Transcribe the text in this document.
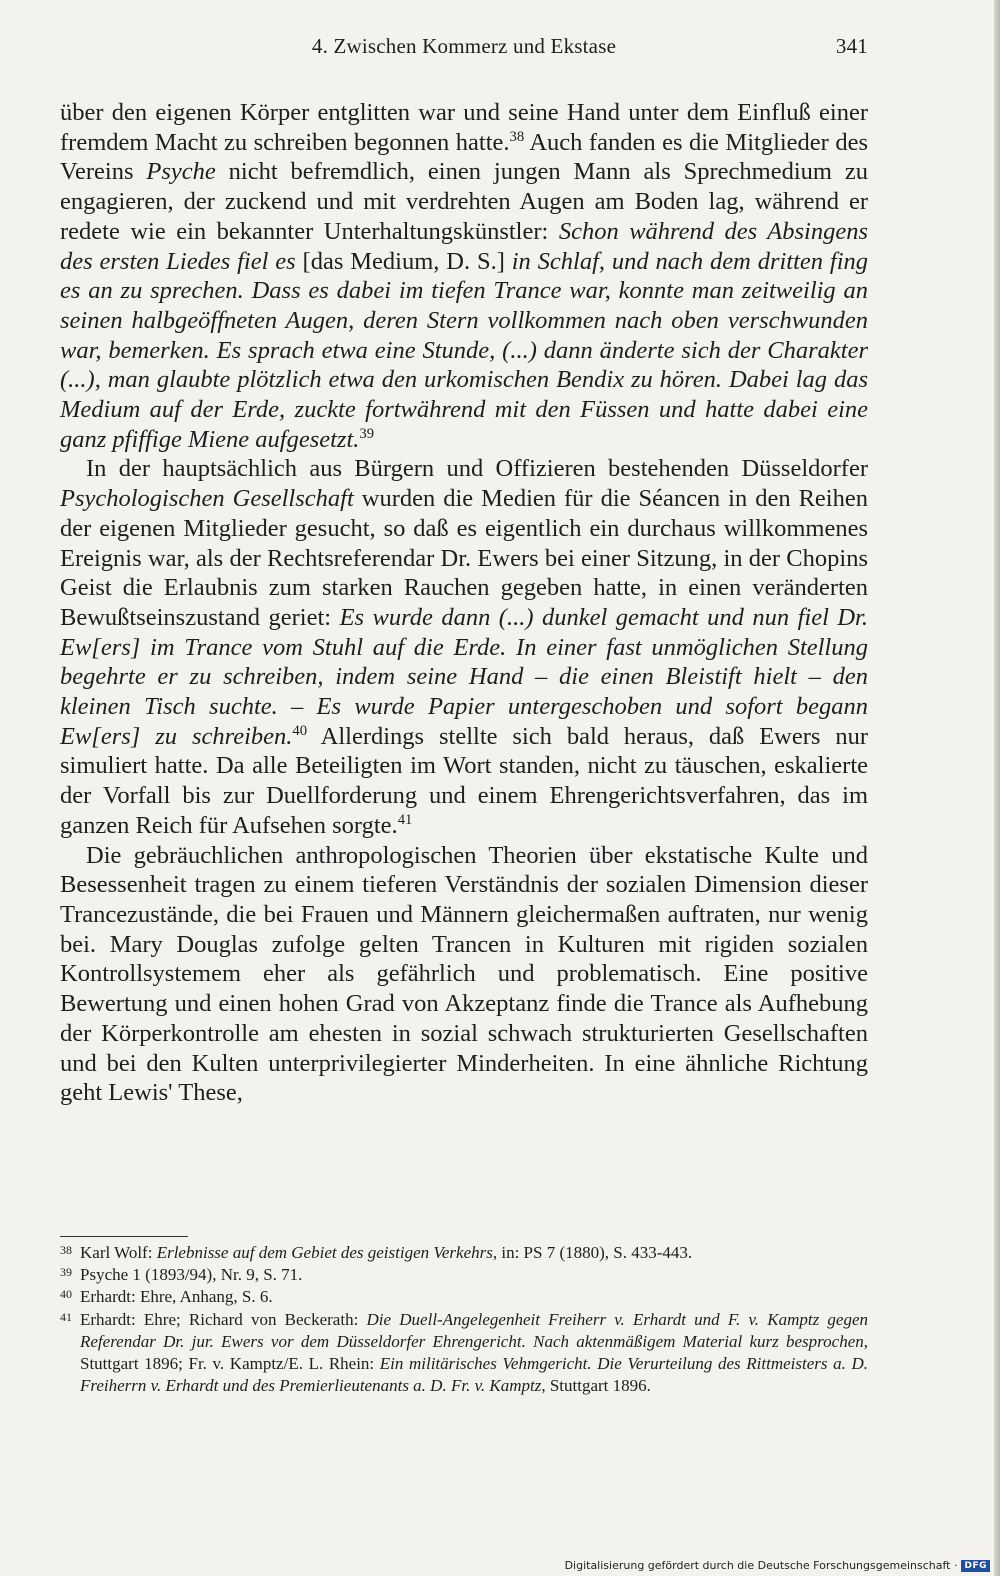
4. Zwischen Kommerz und Ekstase	341

über den eigenen Körper entglitten war und seine Hand unter dem Einfluß einer fremdem Macht zu schreiben begonnen hatte.$^{38}$ Auch fanden es die Mitglieder des Vereins Psyche nicht befremdlich, einen jungen Mann als Sprechmedium zu engagieren, der zuckend und mit verdrehten Augen am Boden lag, während er redete wie ein bekannter Unterhaltungskünstler: Schon während des Absingens des ersten Liedes fiel es [das Medium, D. S.] in Schlaf, und nach dem dritten fing es an zu sprechen. Dass es dabei im tiefen Trance war, konnte man zeitweilig an seinen halbgeöffneten Augen, deren Stern vollkommen nach oben verschwunden war, bemerken. Es sprach etwa eine Stunde, (...) dann änderte sich der Charakter (...), man glaubte plötzlich etwa den urkomischen Bendix zu hören. Dabei lag das Medium auf der Erde, zuckte fortwährend mit den Füssen und hatte dabei eine ganz pfiffige Miene aufgesetzt.$^{39}$

In der hauptsächlich aus Bürgern und Offizieren bestehenden Düsseldorfer Psychologischen Gesellschaft wurden die Medien für die Séancen in den Reihen der eigenen Mitglieder gesucht, so daß es eigentlich ein durchaus willkommenes Ereignis war, als der Rechtsreferendar Dr. Ewers bei einer Sitzung, in der Chopins Geist die Erlaubnis zum starken Rauchen gegeben hatte, in einen veränderten Bewußtseinszustand geriet: Es wurde dann (...) dunkel gemacht und nun fiel Dr. Ew[ers] im Trance vom Stuhl auf die Erde. In einer fast unmöglichen Stellung begehrte er zu schreiben, indem seine Hand – die einen Bleistift hielt – den kleinen Tisch suchte. – Es wurde Papier untergeschoben und sofort begann Ew[ers] zu schreiben.$^{40}$ Allerdings stellte sich bald heraus, daß Ewers nur simuliert hatte. Da alle Beteiligten im Wort standen, nicht zu täuschen, eskalierte der Vorfall bis zur Duellforderung und einem Ehrengerichtsverfahren, das im ganzen Reich für Aufsehen sorgte.$^{41}$

Die gebräuchlichen anthropologischen Theorien über ekstatische Kulte und Besessenheit tragen zu einem tieferen Verständnis der sozialen Dimension dieser Trancezustände, die bei Frauen und Männern gleichermaßen auftraten, nur wenig bei. Mary Douglas zufolge gelten Trancen in Kulturen mit rigiden sozialen Kontrollsystemem eher als gefährlich und problematisch. Eine positive Bewertung und einen hohen Grad von Akzeptanz finde die Trance als Aufhebung der Körperkontrolle am ehesten in sozial schwach strukturierten Gesellschaften und bei den Kulten unterprivilegierter Minderheiten. In eine ähnliche Richtung geht Lewis' These,

38 Karl Wolf: Erlebnisse auf dem Gebiet des geistigen Verkehrs, in: PS 7 (1880), S. 433-443.
39 Psyche 1 (1893/94), Nr. 9, S. 71.
40 Erhardt: Ehre, Anhang, S. 6.
41 Erhardt: Ehre; Richard von Beckerath: Die Duell-Angelegenheit Freiherr v. Erhardt und F. v. Kamptz gegen Referendar Dr. jur. Ewers vor dem Düsseldorfer Ehrengericht. Nach aktenmäßigem Material kurz besprochen, Stuttgart 1896; Fr. v. Kamptz/E. L. Rhein: Ein militärisches Vehmgericht. Die Verurteilung des Rittmeisters a. D. Freiherrn v. Erhardt und des Premierlieutenants a. D. Fr. v. Kamptz, Stuttgart 1896.
Digitalisierung gefördert durch die Deutsche Forschungsgemeinschaft · DFG
